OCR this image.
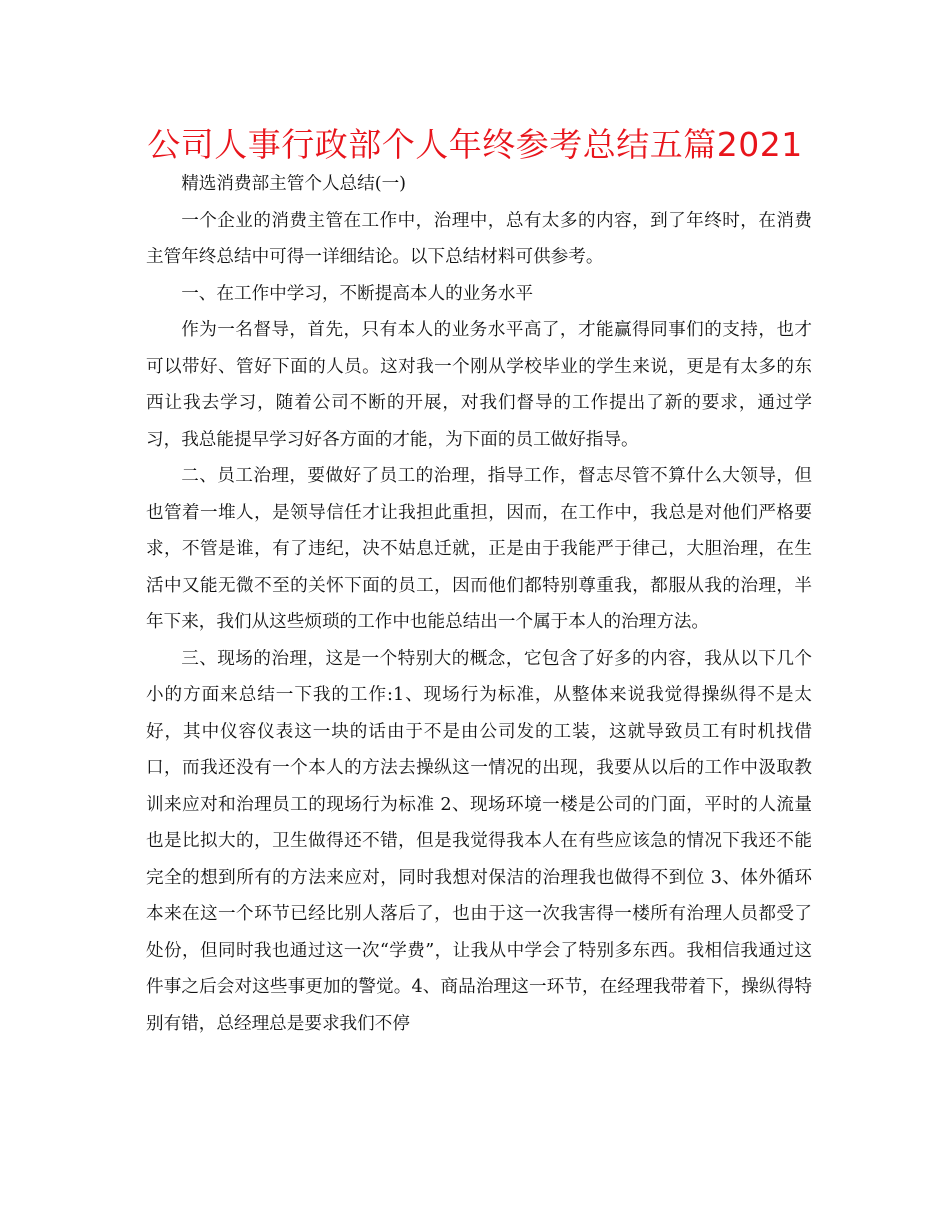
公司人事行政部个人年终参考总结五篇2021

精选消费部主管个人总结(一)

一个企业的消费主管在工作中，治理中，总有太多的内容，到了年终时，在消费主管年终总结中可得一详细结论。以下总结材料可供参考。

一、在工作中学习，不断提高本人的业务水平

作为一名督导，首先，只有本人的业务水平高了，才能赢得同事们的支持，也才可以带好、管好下面的人员。这对我一个刚从学校毕业的学生来说，更是有太多的东西让我去学习，随着公司不断的开展，对我们督导的工作提出了新的要求，通过学习，我总能提早学习好各方面的才能，为下面的员工做好指导。

二、员工治理，要做好了员工的治理，指导工作，督志尽管不算什么大领导，但也管着一堆人，是领导信任才让我担此重担，因而，在工作中，我总是对他们严格要求，不管是谁，有了违纪，决不姑息迁就，正是由于我能严于律己，大胆治理，在生活中又能无微不至的关怀下面的员工，因而他们都特别尊重我，都服从我的治理，半年下来，我们从这些烦琐的工作中也能总结出一个属于本人的治理方法。

三、现场的治理，这是一个特别大的概念，它包含了好多的内容，我从以下几个小的方面来总结一下我的工作:1、现场行为标准，从整体来说我觉得操纵得不是太好，其中仪容仪表这一块的话由于不是由公司发的工装，这就导致员工有时机找借口，而我还没有一个本人的方法去操纵这一情况的出现，我要从以后的工作中汲取教训来应对和治理员工的现场行为标准 2、现场环境一楼是公司的门面，平时的人流量也是比拟大的，卫生做得还不错，但是我觉得我本人在有些应该急的情况下我还不能完全的想到所有的方法来应对，同时我想对保洁的治理我也做得不到位 3、体外循环本来在这一个环节已经比别人落后了，也由于这一次我害得一楼所有治理人员都受了处份，但同时我也通过这一次“学费”，让我从中学会了特别多东西。我相信我通过这件事之后会对这些事更加的警觉。4、商品治理这一环节，在经理我带着下，操纵得特别有错，总经理总是要求我们不停
